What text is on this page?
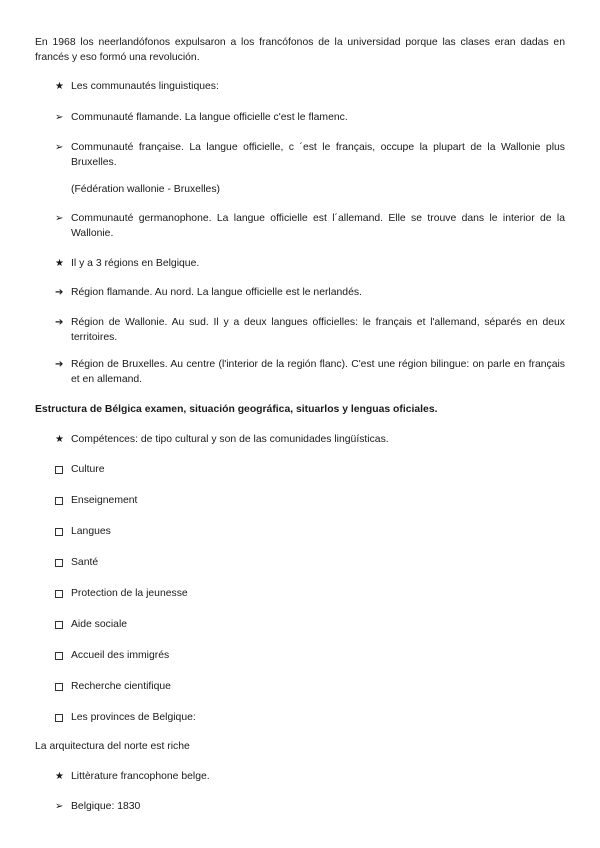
En 1968 los neerlandófonos expulsaron a los francófonos de la universidad porque las clases eran dadas en francés y eso formó una revolución.
★ Les communautés linguistiques:
➢ Communauté flamande. La langue officielle c'est le flamenc.
➢ Communauté française. La langue officielle, c ´est le français, occupe la plupart de la Wallonie plus Bruxelles.
(Fédération wallonie - Bruxelles)
➢ Communauté germanophone. La langue officielle est l´allemand. Elle se trouve dans le interior de la Wallonie.
★ Il y a 3 régions en Belgique.
➔ Région flamande. Au nord. La langue officielle est le nerlandés.
➔ Région de Wallonie. Au sud. Il y a deux langues officielles: le français et l'allemand, séparés en deux territoires.
➔ Région de Bruxelles. Au centre (l'interior de la región flanc). C'est une région bilingue: on parle en français et en allemand.
Estructura de Bélgica examen, situación geográfica, situarlos y lenguas oficiales.
★ Compétences: de tipo cultural y son de las comunidades lingüísticas.
Culture
Enseignement
Langues
Santé
Protection de la jeunesse
Aide sociale
Accueil des immigrés
Recherche cientifique
Les provinces de Belgique:
La arquitectura del norte est riche
★ Littèrature francophone belge.
➢ Belgique: 1830
